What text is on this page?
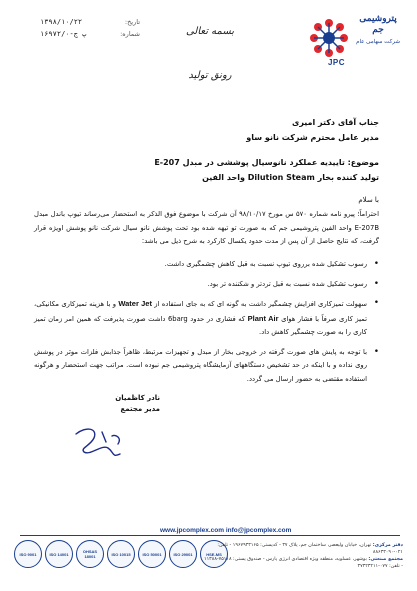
تاریخ:
۱۳۹۸/۱۰/۲۲
شماره:
۱۶۹۷۲/۰-پ ج	بسمه تعالی
رونق تولید
پتروشیمی جم
شرکت سهامی عام
JPC
جناب آقای دکتر امیری
مدیر عامل محترم شرکت نانو ساو
موضوع: تاییدیه عملکرد نانوسیال پوششی در مبدل E-207
تولید کننده بخار Dilution Steam واحد الفین
با سلام
احتراماً؛ پیرو نامه شماره ۵۷۰ س مورخ ۹۸/۱۰/۱۷ آن شرکت با موضوع فوق الذکر به استحضار می‌رساند تیوپ باندل مبدل E-207B واحد الفین پتروشیمی جم که به صورت تو تیهه شده بود تحت پوشش نانو سیال شرکت نانو پوشش اویژه قرار گرفت، که نتایج حاصل از آن پس از مدت حدود یکسال کارکرد به شرح ذیل می باشد:
• رسوب تشکیل شده برروی تیوپ نسبت به قبل کاهش چشمگیری داشت.
• رسوب تشکیل شده نسبت به قبل تردتر و شکننده تر بود.
• سهولت تمیزکاری افزایش چشمگیر داشت به گونه ای که به جای استفاده از Water Jet و با هزینه تمیزکاری مکانیکی، تمیز کاری صرفاً با فشار هوای Plant Air که فشاری در حدود 6barg داشت صورت پذیرفت که همین امر زمان تمیز کاری را به صورت چشمگیر کاهش داد.
• با توجه به پایش های صورت گرفته در خروجی بخار از مبدل و تجهیزات مرتبط، ظاهراً جذابش فلزات موثر در پوشش روی نداده و با اینکه در حد تشخیص دستگاههای آزمایشگاه پتروشیمی جم نبوده است. مراتب جهت استحضار و هرگونه استفاده مقتضی به حضور ارسال می گردد.
نادر کاظمیان
مدیر مجتمع
www.jpcomplex.com info@jpcomplex.com
ISO 9001	ISO 14001	OHSAS 18001	ISO 10015	ISO 50001	ISO 29001	HSE-MS
دفتر مرکزی: تهران، خیابان ولیعصر، ساختمان جم، پلاک ۳۷ - کدپستی: ۱۹۶۷۹۳۳۱۶۵ - تلفن: ۰۲۱-۸۸۶۳۳۰۹۰
مجتمع صنعتی: بوشهر، عسلویه، منطقه ویژه اقتصادی انرژی پارس - صندوق پستی: ۷۵۱۱۸-۱۱۳۸۸ - تلفن: ۰۷۷-۳۷۳۲۳۲۱۱
